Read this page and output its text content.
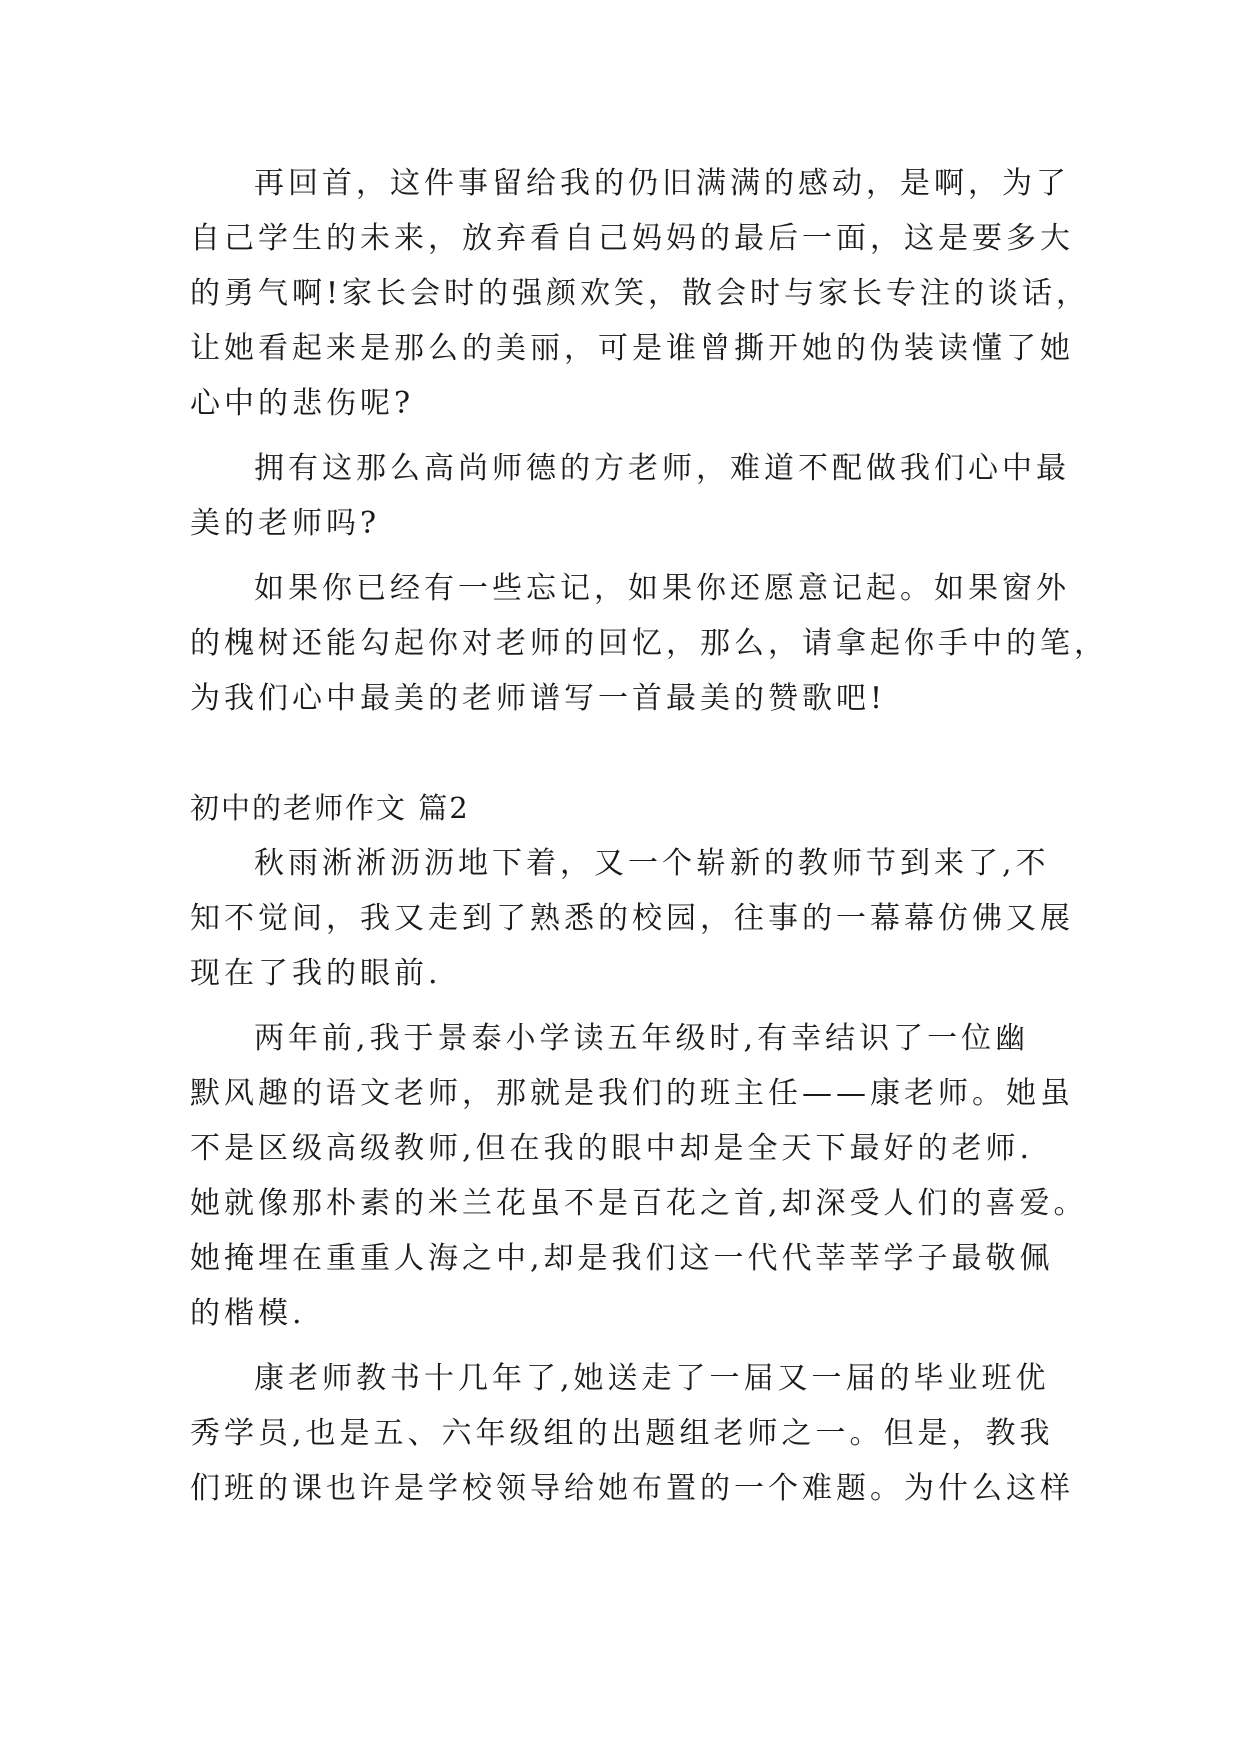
再回首，这件事留给我的仍旧满满的感动，是啊，为了
自己学生的未来，放弃看自己妈妈的最后一面，这是要多大
的勇气啊!家长会时的强颜欢笑，散会时与家长专注的谈话，
让她看起来是那么的美丽，可是谁曾撕开她的伪装读懂了她
心中的悲伤呢?
拥有这那么高尚师德的方老师，难道不配做我们心中最
美的老师吗?
如果你已经有一些忘记，如果你还愿意记起。如果窗外
的槐树还能勾起你对老师的回忆，那么，请拿起你手中的笔，
为我们心中最美的老师谱写一首最美的赞歌吧!
初中的老师作文 篇2
秋雨淅淅沥沥地下着，又一个崭新的教师节到来了,不
知不觉间，我又走到了熟悉的校园，往事的一幕幕仿佛又展
现在了我的眼前.
两年前,我于景泰小学读五年级时,有幸结识了一位幽
默风趣的语文老师，那就是我们的班主任——康老师。她虽
不是区级高级教师,但在我的眼中却是全天下最好的老师.
她就像那朴素的米兰花虽不是百花之首,却深受人们的喜爱。
她掩埋在重重人海之中,却是我们这一代代莘莘学子最敬佩
的楷模.
康老师教书十几年了,她送走了一届又一届的毕业班优
秀学员,也是五、六年级组的出题组老师之一。但是，教我
们班的课也许是学校领导给她布置的一个难题。为什么这样
